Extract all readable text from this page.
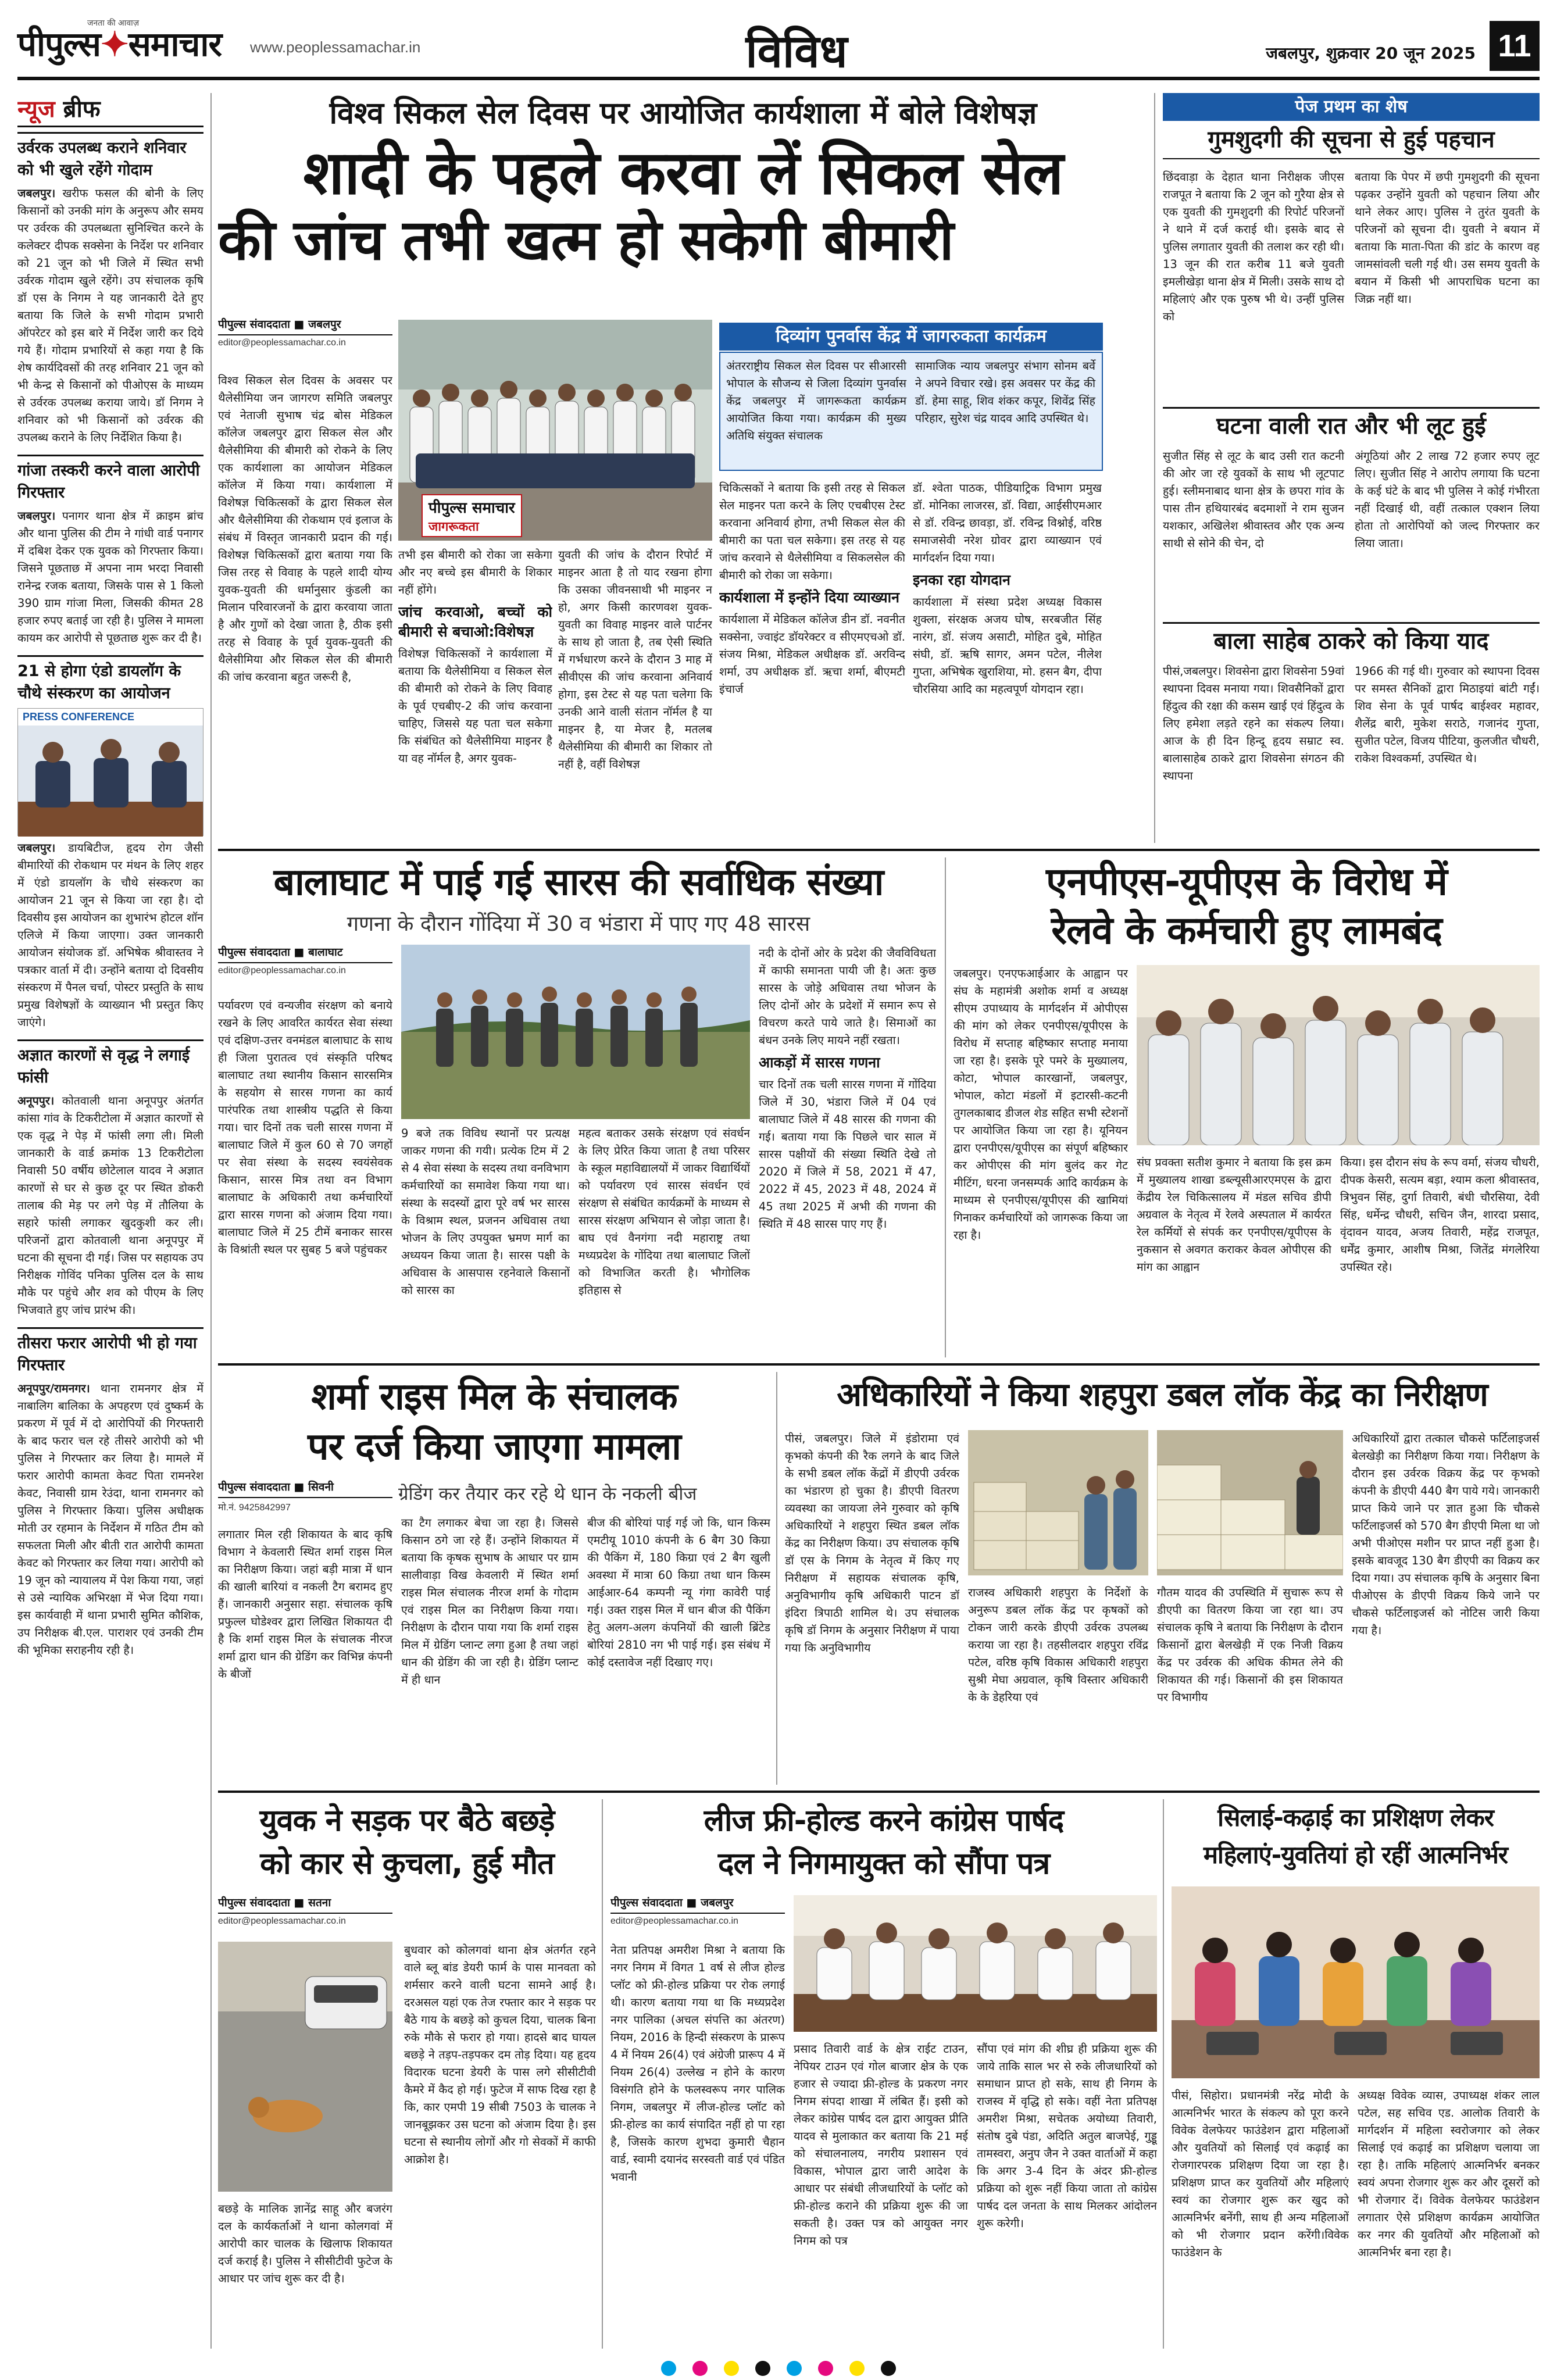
जनता की आवाज़
पीपुल्स✦समाचार www.peoplessamachar.in	विविध	जबलपुर, शुक्रवार 20 जून 2025 11
न्यूज ब्रीफ
उर्वरक उपलब्ध कराने शनिवार को भी खुले रहेंगे गोदाम
जबलपुर। खरीफ फसल की बोनी के लिए किसानों को उनकी मांग के अनुरूप और समय पर उर्वरक की उपलब्धता सुनिश्चित करने के कलेक्टर दीपक सक्सेना के निर्देश पर शनिवार को 21 जून को भी जिले में स्थित सभी उर्वरक गोदाम खुले रहेंगे। उप संचालक कृषि डॉ एस के निगम ने यह जानकारी देते हुए बताया कि जिले के सभी गोदाम प्रभारी ऑपरेटर को इस बारे में निर्देश जारी कर दिये गये हैं। गोदाम प्रभारियों से कहा गया है कि शेष कार्यदिवसों की तरह शनिवार 21 जून को भी केन्द्र से किसानों को पीओएस के माध्यम से उर्वरक उपलब्ध कराया जाये। डॉ निगम ने शनिवार को भी किसानों को उर्वरक की उपलब्ध कराने के लिए निर्देशित किया है।
गांजा तस्करी करने वाला आरोपी गिरफ्तार
जबलपुर। पनागर थाना क्षेत्र में क्राइम ब्रांच और थाना पुलिस की टीम ने गांधी वार्ड पनागर में दबिश देकर एक युवक को गिरफ्तार किया। जिसने पूछताछ में अपना नाम भरदा निवासी रानेन्द्र रजक बताया, जिसके पास से 1 किलो 390 ग्राम गांजा मिला, जिसकी कीमत 28 हजार रुपए बताई जा रही है। पुलिस ने मामला कायम कर आरोपी से पूछताछ शुरू कर दी है।
21 से होगा एंडो डायलॉग के चौथे संस्करण का आयोजन
PRESS CONFERENCE
जबलपुर। डायबिटीज, हृदय रोग जैसी बीमारियों की रोकथाम पर मंथन के लिए शहर में एंडो डायलॉग के चौथे संस्करण का आयोजन 21 जून से किया जा रहा है। दो दिवसीय इस आयोजन का शुभारंभ होटल शॉन एलिजे में किया जाएगा। उक्त जानकारी आयोजन संयोजक डॉ. अभिषेक श्रीवास्तव ने पत्रकार वार्ता में दी। उन्होंने बताया दो दिवसीय संस्करण में पैनल चर्चा, पोस्टर प्रस्तुति के साथ प्रमुख विशेषज्ञों के व्याख्यान भी प्रस्तुत किए जाएंगे।
अज्ञात कारणों से वृद्ध ने लगाई फांसी
अनूपपुर। कोतवाली थाना अनूपपुर अंतर्गत कांसा गांव के टिकरीटोला में अज्ञात कारणों से एक वृद्ध ने पेड़ में फांसी लगा ली। मिली जानकारी के वार्ड क्रमांक 13 टिकरीटोला निवासी 50 वर्षीय छोटेलाल यादव ने अज्ञात कारणों से घर से कुछ दूर पर स्थित डोकरी तालाब की मेड़ पर लगे पेड़ में तौलिया के सहारे फांसी लगाकर खुदकुशी कर ली। परिजनों द्वारा कोतवाली थाना अनूपपुर में घटना की सूचना दी गई। जिस पर सहायक उप निरीक्षक गोविंद पनिका पुलिस दल के साथ मौके पर पहुंचे और शव को पीएम के लिए भिजवाते हुए जांच प्रारंभ की।
तीसरा फरार आरोपी भी हो गया गिरफ्तार
अनूपपुर/रामनगर। थाना रामनगर क्षेत्र में नाबालिग बालिका के अपहरण एवं दुष्कर्म के प्रकरण में पूर्व में दो आरोपियों की गिरफ्तारी के बाद फरार चल रहे तीसरे आरोपी को भी पुलिस ने गिरफ्तार कर लिया है। मामले में फरार आरोपी कामता केवट पिता रामनरेश केवट, निवासी ग्राम रेउंदा, थाना रामनगर को पुलिस ने गिरफ्तार किया। पुलिस अधीक्षक मोती उर रहमान के निर्देशन में गठित टीम को सफलता मिली और बीती रात आरोपी कामता केवट को गिरफ्तार कर लिया गया। आरोपी को 19 जून को न्यायालय में पेश किया गया, जहां से उसे न्यायिक अभिरक्षा में भेज दिया गया। इस कार्यवाही में थाना प्रभारी सुमित कौशिक, उप निरीक्षक बी.एल. पाराशर एवं उनकी टीम की भूमिका सराहनीय रही है।
विश्व सिकल सेल दिवस पर आयोजित कार्यशाला में बोले विशेषज्ञ
शादी के पहले करवा लें सिकल सेल
की जांच तभी खत्म हो सकेगी बीमारी
पीपुल्स संवाददाता ■ जबलपुर
editor@peoplessamachar.co.in
पीपुल्स समाचार
जागरूकता
विश्व सिकल सेल दिवस के अवसर पर थैलेसीमिया जन जागरण समिति जबलपुर एवं नेताजी सुभाष चंद्र बोस मेडिकल कॉलेज जबलपुर द्वारा सिकल सेल और थैलेसीमिया की बीमारी को रोकने के लिए एक कार्यशाला का आयोजन मेडिकल कॉलेज में किया गया। कार्यशाला में विशेषज्ञ चिकित्सकों के द्वारा सिकल सेल और थैलेसीमिया की रोकथाम एवं इलाज के संबंध में विस्तृत जानकारी प्रदान की गई। विशेषज्ञ चिकित्सकों द्वारा बताया गया कि जिस तरह से विवाह के पहले शादी योग्य युवक-युवती की धर्मानुसार कुंडली का मिलान परिवारजनों के द्वारा करवाया जाता है और गुणों को देखा जाता है, ठीक इसी तरह से विवाह के पूर्व युवक-युवती की थैलेसीमिया और सिकल सेल की बीमारी की जांच करवाना बहुत जरूरी है,
तभी इस बीमारी को रोका जा सकेगा और नए बच्चे इस बीमारी के शिकार नहीं होंगे।
जांच करवाओ, बच्चों को बीमारी से बचाओ:विशेषज्ञ
विशेषज्ञ चिकित्सकों ने कार्यशाला में बताया कि थैलेसीमिया व सिकल सेल की बीमारी को रोकने के लिए विवाह के पूर्व एचबीए-2 की जांच करवाना चाहिए, जिससे यह पता चल सकेगा कि संबंधित को थैलेसीमिया माइनर है या वह नॉर्मल है, अगर युवक-
युवती की जांच के दौरान रिपोर्ट में माइनर आता है तो याद रखना होगा कि उसका जीवनसाथी भी माइनर न हो, अगर किसी कारणवश युवक-युवती का विवाह माइनर वाले पार्टनर के साथ हो जाता है, तब ऐसी स्थिति में गर्भधारण करने के दौरान 3 माह में सीवीएस की जांच करवाना अनिवार्य होगा, इस टेस्ट से यह पता चलेगा कि उनकी आने वाली संतान नॉर्मल है या माइनर है, या मेजर है, मतलब थैलेसीमिया की बीमारी का शिकार तो नहीं है, वहीं विशेषज्ञ
दिव्यांग पुनर्वास केंद्र में जागरुकता कार्यक्रम
अंतरराष्ट्रीय सिकल सेल दिवस पर सीआरसी भोपाल के सौजन्य से जिला दिव्यांग पुनर्वास केंद्र जबलपुर में जागरूकता कार्यक्रम आयोजित किया गया। कार्यक्रम की मुख्य अतिथि संयुक्त संचालक
सामाजिक न्याय जबलपुर संभाग सोनम बर्वे ने अपने विचार रखे। इस अवसर पर केंद्र की डॉ. हेमा साहू, शिव शंकर कपूर, शिवेंद्र सिंह परिहार, सुरेश चंद्र यादव आदि उपस्थित थे।
चिकित्सकों ने बताया कि इसी तरह से सिकल सेल माइनर पता करने के लिए एचबीएस टेस्ट करवाना अनिवार्य होगा, तभी सिकल सेल की बीमारी का पता चल सकेगा। इस तरह से यह जांच करवाने से थैलेसीमिया व सिकलसेल की बीमारी को रोका जा सकेगा।
कार्यशाला में इन्होंने दिया व्याख्यान
कार्यशाला में मेडिकल कॉलेज डीन डॉ. नवनीत सक्सेना, ज्वाइंट डॉयरेक्टर व सीएमएचओ डॉ. संजय मिश्रा, मेडिकल अधीक्षक डॉ. अरविन्द शर्मा, उप अधीक्षक डॉ. ऋचा शर्मा, बीएमटी इंचार्ज
डॉ. श्वेता पाठक, पीडियाट्रिक विभाग प्रमुख डॉ. मोनिका लाजरस, डॉ. विद्या, आईसीएमआर से डॉ. रविन्द्र छावड़ा, डॉ. रविन्द्र विश्नोई, वरिष्ठ समाजसेवी नरेश ग्रोवर द्वारा व्याख्यान एवं मार्गदर्शन दिया गया।
इनका रहा योगदान
कार्यशाला में संस्था प्रदेश अध्यक्ष विकास शुक्ला, संरक्षक अजय घोष, सरबजीत सिंह नारंग, डॉ. संजय असाटी, मोहित दुबे, मोहित संघी, डॉ. ऋषि सागर, अमन पटेल, नीलेश गुप्ता, अभिषेक खुराशिया, मो. हसन बैग, दीपा चौरसिया आदि का महत्वपूर्ण योगदान रहा।
पेज प्रथम का शेष
गुमशुदगी की सूचना से हुई पहचान
छिंदवाड़ा के देहात थाना निरीक्षक जीएस राजपूत ने बताया कि 2 जून को गुरैया क्षेत्र से एक युवती की गुमशुदगी की रिपोर्ट परिजनों ने थाने में दर्ज कराई थी। इसके बाद से पुलिस लगातार युवती की तलाश कर रही थी। 13 जून की रात करीब 11 बजे युवती इमलीखेड़ा थाना क्षेत्र में मिली। उसके साथ दो महिलाएं और एक पुरुष भी थे। उन्हीं पुलिस को
बताया कि पेपर में छपी गुमशुदगी की सूचना पढ़कर उन्होंने युवती को पहचान लिया और थाने लेकर आए। पुलिस ने तुरंत युवती के परिजनों को सूचना दी। युवती ने बयान में बताया कि माता-पिता की डांट के कारण वह जामसांवली चली गई थी। उस समय युवती के बयान में किसी भी आपराधिक घटना का जिक्र नहीं था।
घटना वाली रात और भी लूट हुई
सुजीत सिंह से लूट के बाद उसी रात कटनी की ओर जा रहे युवकों के साथ भी लूटपाट हुई। स्लीमनाबाद थाना क्षेत्र के छपरा गांव के पास तीन हथियारबंद बदमाशों ने राम सुजन यशकार, अखिलेश श्रीवास्तव और एक अन्य साथी से सोने की चेन, दो
अंगूठियां और 2 लाख 72 हजार रुपए लूट लिए। सुजीत सिंह ने आरोप लगाया कि घटना के कई घंटे के बाद भी पुलिस ने कोई गंभीरता नहीं दिखाई थी, वहीं तत्काल एक्शन लिया होता तो आरोपियों को जल्द गिरफ्तार कर लिया जाता।
बाला साहेब ठाकरे को किया याद
पीसं,जबलपुर। शिवसेना द्वारा शिवसेना 59वां स्थापना दिवस मनाया गया। शिवसैनिकों द्वारा हिंदुत्व की रक्षा की कसम खाई एवं हिंदुत्व के लिए हमेशा लड़ते रहने का संकल्प लिया। आज के ही दिन हिन्दू हृदय सम्राट स्व. बालासाहेब ठाकरे द्वारा शिवसेना संगठन की स्थापना
1966 की गई थी। गुरुवार को स्थापना दिवस पर समस्त सैनिकों द्वारा मिठाइयां बांटी गईं। शिव सेना के पूर्व पार्षद बाईश्वर महावर, शैलेंद्र बारी, मुकेश सराठे, गजानंद गुप्ता, सुजीत पटेल, विजय पीटिया, कुलजीत चौधरी, राकेश विश्वकर्मा, उपस्थित थे।
बालाघाट में पाई गई सारस की सर्वाधिक संख्या
गणना के दौरान गोंदिया में 30 व भंडारा में पाए गए 48 सारस
पीपुल्स संवाददाता ■ बालाघाट
editor@peoplessamachar.co.in
पर्यावरण एवं वन्यजीव संरक्षण को बनाये रखने के लिए आवरित कार्यरत सेवा संस्था एवं दक्षिण-उत्तर वनमंडल बालाघाट के साथ ही जिला पुरातत्व एवं संस्कृति परिषद बालाघाट तथा स्थानीय किसान सारसमित्र के सहयोग से सारस गणना का कार्य पारंपरिक तथा शास्त्रीय पद्धति से किया गया। चार दिनों तक चली सारस गणना में बालाघाट जिले में कुल 60 से 70 जगहों पर सेवा संस्था के सदस्य स्वयंसेवक किसान, सारस मित्र तथा वन विभाग बालाघाट के अधिकारी तथा कर्मचारियों द्वारा सारस गणना को अंजाम दिया गया। बालाघाट जिले में 25 टीमें बनाकर सारस के विश्रांती स्थल पर सुबह 5 बजे पहुंचकर
9 बजे तक विविध स्थानों पर प्रत्यक्ष जाकर गणना की गयी। प्रत्येक टिम में 2 से 4 सेवा संस्था के सदस्य तथा वनविभाग कर्मचारियों का समावेश किया गया था। संस्था के सदस्यों द्वारा पूरे वर्ष भर सारस के विश्राम स्थल, प्रजनन अधिवास तथा भोजन के लिए उपयुक्त भ्रमण मार्ग का अध्ययन किया जाता है। सारस पक्षी के अधिवास के आसपास रहनेवाले किसानों को सारस का
महत्व बताकर उसके संरक्षण एवं संवर्धन के लिए प्रेरित किया जाता है तथा परिसर के स्कूल महाविद्यालयों में जाकर विद्यार्थियों को पर्यावरण एवं सारस संवर्धन एवं संरक्षण से संबंधित कार्यक्रमों के माध्यम से सारस संरक्षण अभियान से जोड़ा जाता है। बाघ एवं वैनगंगा नदी महाराष्ट्र तथा मध्यप्रदेश के गोंदिया तथा बालाघाट जिलों को विभाजित करती है। भौगोलिक इतिहास से
नदी के दोनों ओर के प्रदेश की जैवविविधता में काफी समानता पायी जी है। अतः कुछ सारस के जोड़े अधिवास तथा भोजन के लिए दोनों ओर के प्रदेशों में समान रूप से विचरण करते पाये जाते है। सिमाओं का बंधन उनके लिए मायने नहीं रखता।
आकड़ों में सारस गणना
चार दिनों तक चली सारस गणना में गोंदिया जिले में 30, भंडारा जिले में 04 एवं बालाघाट जिले में 48 सारस की गणना की गई। बताया गया कि पिछले चार साल में सारस पक्षीयों की संख्या स्थिति देखे तो 2020 में जिले में 58, 2021 में 47, 2022 में 45, 2023 में 48, 2024 में 45 तथा 2025 में अभी की गणना की स्थिति में 48 सारस पाए गए हैं।
एनपीएस-यूपीएस के विरोध में
रेलवे के कर्मचारी हुए लामबंद
जबलपुर। एनएफआईआर के आह्वान पर संघ के महामंत्री अशोक शर्मा व अध्यक्ष सीएम उपाध्याय के मार्गदर्शन में ओपीएस की मांग को लेकर एनपीएस/यूपीएस के विरोध में सप्ताह बहिष्कार सप्ताह मनाया जा रहा है। इसके पूरे पमरे के मुख्यालय, कोटा, भोपाल कारखानों, जबलपुर, भोपाल, कोटा मंडलों में इटारसी-कटनी तुगलकाबाद डीजल शेड सहित सभी स्टेशनों पर आयोजित किया जा रहा है। यूनियन द्वारा एनपीएस/यूपीएस का संपूर्ण बहिष्कार कर ओपीएस की मांग बुलंद कर गेट मीटिंग, धरना जनसम्पर्क आदि कार्यक्रम के माध्यम से एनपीएस/यूपीएस की खामियां गिनाकर कर्मचारियों को जागरूक किया जा रहा है।
संघ प्रवक्ता सतीश कुमार ने बताया कि इस क्रम में मुख्यालय शाखा डब्ल्यूसीआरएमएस के द्वारा केंद्रीय रेल चिकित्सालय में मंडल सचिव डीपी अग्रवाल के नेतृत्व में रेलवे अस्पताल में कार्यरत रेल कर्मियों से संपर्क कर एनपीएस/यूपीएस के नुकसान से अवगत कराकर केवल ओपीएस की मांग का आह्वान
किया। इस दौरान संघ के रूप वर्मा, संजय चौधरी, दीपक केसरी, सत्यम बड़ा, श्याम कला श्रीवास्तव, त्रिभुवन सिंह, दुर्गा तिवारी, बंधी चौरसिया, देवी सिंह, धर्मेन्द्र चौधरी, सचिन जैन, शारदा प्रसाद, वृंदावन यादव, अजय तिवारी, महेंद्र राजपूत, धर्मेंद्र कुमार, आशीष मिश्रा, जितेंद्र मंगलेरिया उपस्थित रहे।
शर्मा राइस मिल के संचालक
पर दर्ज किया जाएगा मामला
पीपुल्स संवाददाता ■ सिवनी
मो.नं. 9425842997
ग्रेडिंग कर तैयार कर रहे थे धान के नकली बीज
लगातार मिल रही शिकायत के बाद कृषि विभाग ने केवलारी स्थित शर्मा राइस मिल का निरीक्षण किया। जहां बड़ी मात्रा में धान की खाली बारियां व नकली टैग बरामद हुए हैं। जानकारी अनुसार सहा. संचालक कृषि प्रफुल्ल घोडेश्वर द्वारा लिखित शिकायत दी है कि शर्मा राइस मिल के संचालक नीरज शर्मा द्वारा धान की ग्रेडिंग कर विभिन्न कंपनी के बीजों
का टैग लगाकर बेचा जा रहा है। जिससे किसान ठगे जा रहे हैं। उन्होंने शिकायत में बताया कि कृषक सुभाष के आधार पर ग्राम सालीवाड़ा विख केवलारी में स्थित शर्मा राइस मिल संचालक नीरज शर्मा के गोदाम एवं राइस मिल का निरीक्षण किया गया। निरीक्षण के दौरान पाया गया कि शर्मा राइस मिल में ग्रेडिंग प्लान्ट लगा हुआ है तथा जहां धान की ग्रेडिंग की जा रही है। ग्रेडिंग प्लान्ट में ही धान
बीज की बोरियां पाई गई जो कि, धान किस्म एमटीयू 1010 कंपनी के 6 बैग 30 किग्रा की पैकिंग में, 180 किग्रा एवं 2 बैग खुली अवस्था में मात्रा 60 किग्रा तथा धान किस्म आईआर-64 कम्पनी न्यू गंगा कावेरी पाई गई। उक्त राइस मिल में धान बीज की पैकिंग हेतु अलग-अलग कंपनियों की खाली ब्रिंटेड बोरियां 2810 नग भी पाई गई। इस संबंध में कोई दस्तावेज नहीं दिखाए गए।
अधिकारियों ने किया शहपुरा डबल लॉक केंद्र का निरीक्षण
पीसं, जबलपुर। जिले में इंडोरामा एवं कृभको कंपनी की रैक लगने के बाद जिले के सभी डबल लॉक केंद्रों में डीएपी उर्वरक का भंडारण हो चुका है। डीएपी वितरण व्यवस्था का जायजा लेने गुरुवार को कृषि अधिकारियों ने शहपुरा स्थित डबल लॉक केंद्र का निरीक्षण किया। उप संचालक कृषि डॉ एस के निगम के नेतृत्व में किए गए निरीक्षण में सहायक संचालक कृषि, अनुविभागीय कृषि अधिकारी पाटन डॉ इंदिरा त्रिपाठी शामिल थे। उप संचालक कृषि डॉ निगम के अनुसार निरीक्षण में पाया गया कि अनुविभागीय
राजस्व अधिकारी शहपुरा के निर्देशों के अनुरूप डबल लॉक केंद्र पर कृषकों को टोकन जारी करके डीएपी उर्वरक उपलब्ध कराया जा रहा है। तहसीलदार शहपुरा रविंद्र पटेल, वरिष्ठ कृषि विकास अधिकारी शहपुरा सुश्री मेघा अग्रवाल, कृषि विस्तार अधिकारी के के डेहरिया एवं
गौतम यादव की उपस्थिति में सुचारू रूप से डीएपी का वितरण किया जा रहा था। उप संचालक कृषि ने बताया कि निरीक्षण के दौरान किसानों द्वारा बेलखेड़ी में एक निजी विक्रय केंद्र पर उर्वरक की अधिक कीमत लेने की शिकायत की गई। किसानों की इस शिकायत पर विभागीय
अधिकारियों द्वारा तत्काल चौकसे फर्टिलाइजर्स बेलखेड़ी का निरीक्षण किया गया। निरीक्षण के दौरान इस उर्वरक विक्रय केंद्र पर कृभको कंपनी के डीएपी 440 बैग पाये गये। जानकारी प्राप्त किये जाने पर ज्ञात हुआ कि चौकसे फर्टिलाइजर्स को 570 बैग डीएपी मिला था जो अभी पीओएस मशीन पर प्राप्त नहीं हुआ है। इसके बावजूद 130 बैग डीएपी का विक्रय कर दिया गया। उप संचालक कृषि के अनुसार बिना पीओएस के डीएपी विक्रय किये जाने पर चौकसे फर्टिलाइजर्स को नोटिस जारी किया गया है।
युवक ने सड़क पर बैठे बछड़े
को कार से कुचला, हुई मौत
पीपुल्स संवाददाता ■ सतना
editor@peoplessamachar.co.in
बछड़े के मालिक ज्ञानेंद्र साहू और बजरंग दल के कार्यकर्ताओं ने थाना कोलगवां में आरोपी कार चालक के खिलाफ शिकायत दर्ज कराई है। पुलिस ने सीसीटीवी फुटेज के आधार पर जांच शुरू कर दी है।
बुधवार को कोलगवां थाना क्षेत्र अंतर्गत रहने वाले ब्लू बांड डेयरी फार्म के पास मानवता को शर्मसार करने वाली घटना सामने आई है। दरअसल यहां एक तेज रफ्तार कार ने सड़क पर बैठे गाय के बछड़े को कुचल दिया, चालक बिना रुके मौके से फरार हो गया। हादसे बाद घायल बछड़े ने तड़प-तड़पकर दम तोड़ दिया। यह हृदय विदारक घटना डेयरी के पास लगे सीसीटीवी कैमरे में कैद हो गई। फुटेज में साफ दिख रहा है कि, कार एमपी 19 सीबी 7503 के चालक ने जानबूझकर उस घटना को अंजाम दिया है। इस घटना से स्थानीय लोगों और गो सेवकों में काफी आक्रोश है।
लीज फ्री-होल्ड करने कांग्रेस पार्षद
दल ने निगमायुक्त को सौंपा पत्र
पीपुल्स संवाददाता ■ जबलपुर
editor@peoplessamachar.co.in
नेता प्रतिपक्ष अमरीश मिश्रा ने बताया कि नगर निगम में विगत 1 वर्ष से लीज होल्ड प्लॉट को फ्री-होल्ड प्रक्रिया पर रोक लगाई थी। कारण बताया गया था कि मध्यप्रदेश नगर पालिका (अचल संपत्ति का अंतरण) नियम, 2016 के हिन्दी संस्करण के प्रारूप 4 में नियम 26(4) एवं अंग्रेजी प्रारूप 4 में नियम 26(4) उल्लेख न होने के कारण विसंगति होने के फलस्वरूप नगर पालिक निगम, जबलपुर में लीज-होल्ड प्लॉट को फ्री-होल्ड का कार्य संपादित नहीं हो पा रहा है, जिसके कारण शुभदा कुमारी चैहान वार्ड, स्वामी दयानंद सरस्वती वार्ड एवं पंडित भवानी
प्रसाद तिवारी वार्ड के क्षेत्र राईट टाउन, नेपियर टाउन एवं गोल बाजार क्षेत्र के एक हजार से ज्यादा फ्री-होल्ड के प्रकरण नगर निगम संपदा शाखा में लंबित हैं। इसी को लेकर कांग्रेस पार्षद दल द्वारा आयुक्त प्रीति यादव से मुलाकात कर बताया कि 21 मई को संचालनालय, नगरीय प्रशासन एवं विकास, भोपाल द्वारा जारी आदेश के आधार पर संबंधी लीजधारियों के प्लॉट को फ्री-होल्ड कराने की प्रक्रिया शुरू की जा सकती है। उक्त पत्र को आयुक्त नगर निगम को पत्र
सौंपा एवं मांग की शीघ्र ही प्रक्रिया शुरू की जाये ताकि साल भर से रुके लीजधारियों को समाधान प्राप्त हो सके, साथ ही निगम के राजस्व में वृद्धि हो सके। वहीं नेता प्रतिपक्ष अमरीश मिश्रा, सचेतक अयोध्या तिवारी, संतोष दुबे पंडा, अदिति अतुल बाजपेई, गुड्डू तामस्वरा, अनुप जैन ने उक्त वार्ताओं में कहा कि अगर 3-4 दिन के अंदर फ्री-होल्ड प्रक्रिया को शुरू नहीं किया जाता तो कांग्रेस पार्षद दल जनता के साथ मिलकर आंदोलन शुरू करेगी।
सिलाई-कढ़ाई का प्रशिक्षण लेकर
महिलाएं-युवतियां हो रहीं आत्मनिर्भर
पीसं, सिहोरा। प्रधानमंत्री नरेंद्र मोदी के आत्मनिर्भर भारत के संकल्प को पूरा करने विवेक वेलफेयर फाउंडेशन द्वारा महिलाओं और युवतियों को सिलाई एवं कढ़ाई का रोजगारपरक प्रशिक्षण दिया जा रहा है। प्रशिक्षण प्राप्त कर युवतियों और महिलाएं स्वयं का रोजगार शुरू कर खुद को आत्मनिर्भर बनेंगी, साथ ही अन्य महिलाओं को भी रोजगार प्रदान करेंगी।विवेक फाउंडेशन के
अध्यक्ष विवेक व्यास, उपाध्यक्ष शंकर लाल पटेल, सह सचिव एड. आलोक तिवारी के मार्गदर्शन में महिला स्वरोजगार को लेकर सिलाई एवं कढ़ाई का प्रशिक्षण चलाया जा रहा है। ताकि महिलाएं आत्मनिर्भर बनकर स्वयं अपना रोजगार शुरू कर और दूसरों को भी रोजगार दें। विवेक वेलफेयर फाउंडेशन लगातार ऐसे प्रशिक्षण कार्यक्रम आयोजित कर नगर की युवतियों और महिलाओं को आत्मनिर्भर बना रहा है।
